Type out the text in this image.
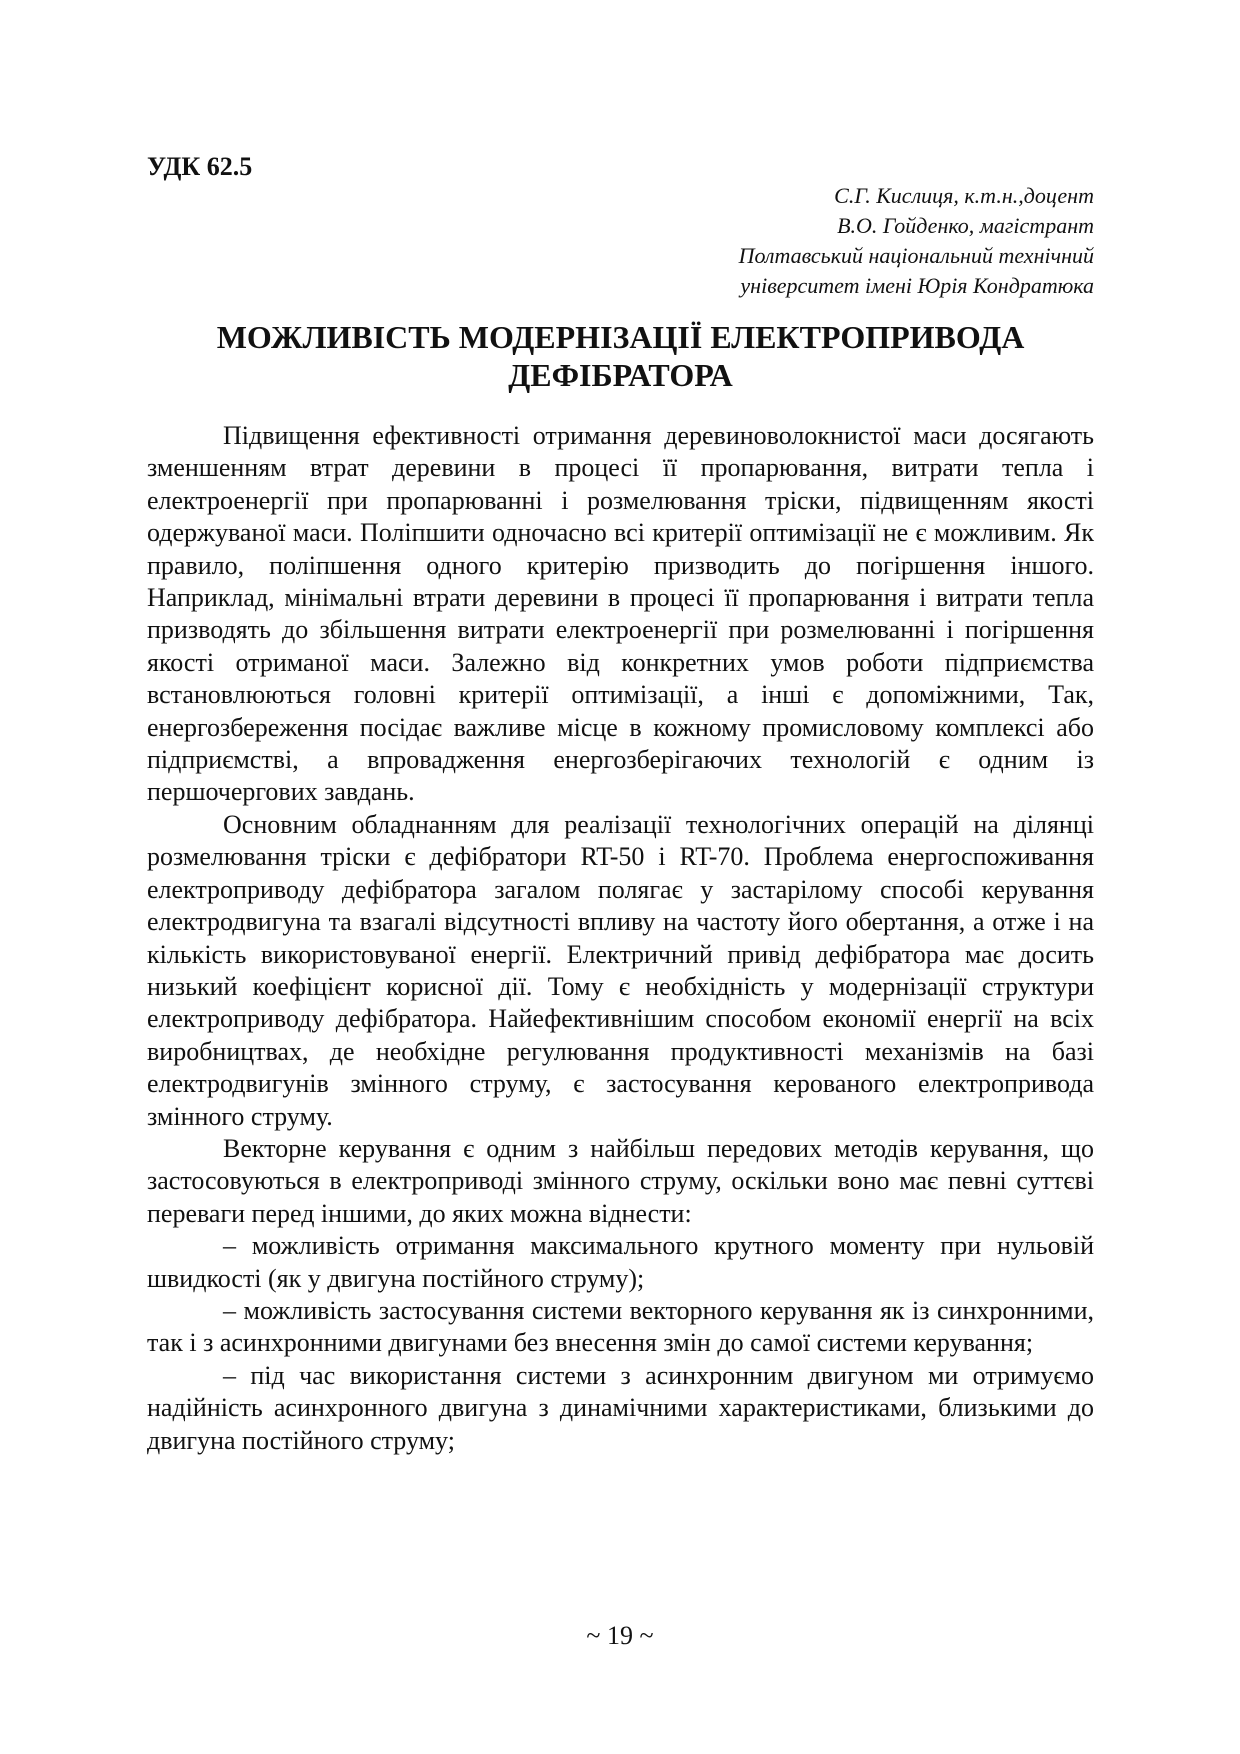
УДК 62.5
С.Г. Кислиця, к.т.н.,доцент
В.О. Гойденко, магістрант
Полтавський національний технічний
університет імені Юрія Кондратюка
МОЖЛИВІСТЬ МОДЕРНІЗАЦІЇ ЕЛЕКТРОПРИВОДА ДЕФІБРАТОРА

Підвищення ефективності отримання деревиноволокнистої маси досягають зменшенням втрат деревини в процесі її пропарювання, витрати тепла і електроенергії при пропарюванні і розмелювання тріски, підвищенням якості одержуваної маси. Поліпшити одночасно всі критерії оптимізації не є можливим. Як правило, поліпшення одного критерію призводить до погіршення іншого. Наприклад, мінімальні втрати деревини в процесі її пропарювання і витрати тепла призводять до збільшення витрати електроенергії при розмелюванні і погіршення якості отриманої маси. Залежно від конкретних умов роботи підприємства встановлюються головні критерії оптимізації, а інші є допоміжними, Так, енергозбереження посідає важливе місце в кожному промисловому комплексі або підприємстві, а впровадження енергозберігаючих технологій є одним із першочергових завдань.

Основним обладнанням для реалізації технологічних операцій на ділянці розмелювання тріски є дефібратори RT-50 і RT-70. Проблема енергоспоживання електроприводу дефібратора загалом полягає у застарілому способі керування електродвигуна та взагалі відсутності впливу на частоту його обертання, а отже і на кількість використовуваної енергії. Електричний привід дефібратора має досить низький коефіцієнт корисної дії. Тому є необхідність у модернізації структури електроприводу дефібратора. Найефективнішим способом економії енергії на всіх виробництвах, де необхідне регулювання продуктивності механізмів на базі електродвигунів змінного струму, є застосування керованого електропривода змінного струму.

Векторне керування є одним з найбільш передових методів керування, що застосовуються в електроприводі змінного струму, оскільки воно має певні суттєві переваги перед іншими, до яких можна віднести:

– можливість отримання максимального крутного моменту при нульовій швидкості (як у двигуна постійного струму);

– можливість застосування системи векторного керування як із синхронними, так і з асинхронними двигунами без внесення змін до самої системи керування;

– під час використання системи з асинхронним двигуном ми отримуємо надійність асинхронного двигуна з динамічними характеристиками, близькими до двигуна постійного струму;

~ 19 ~
